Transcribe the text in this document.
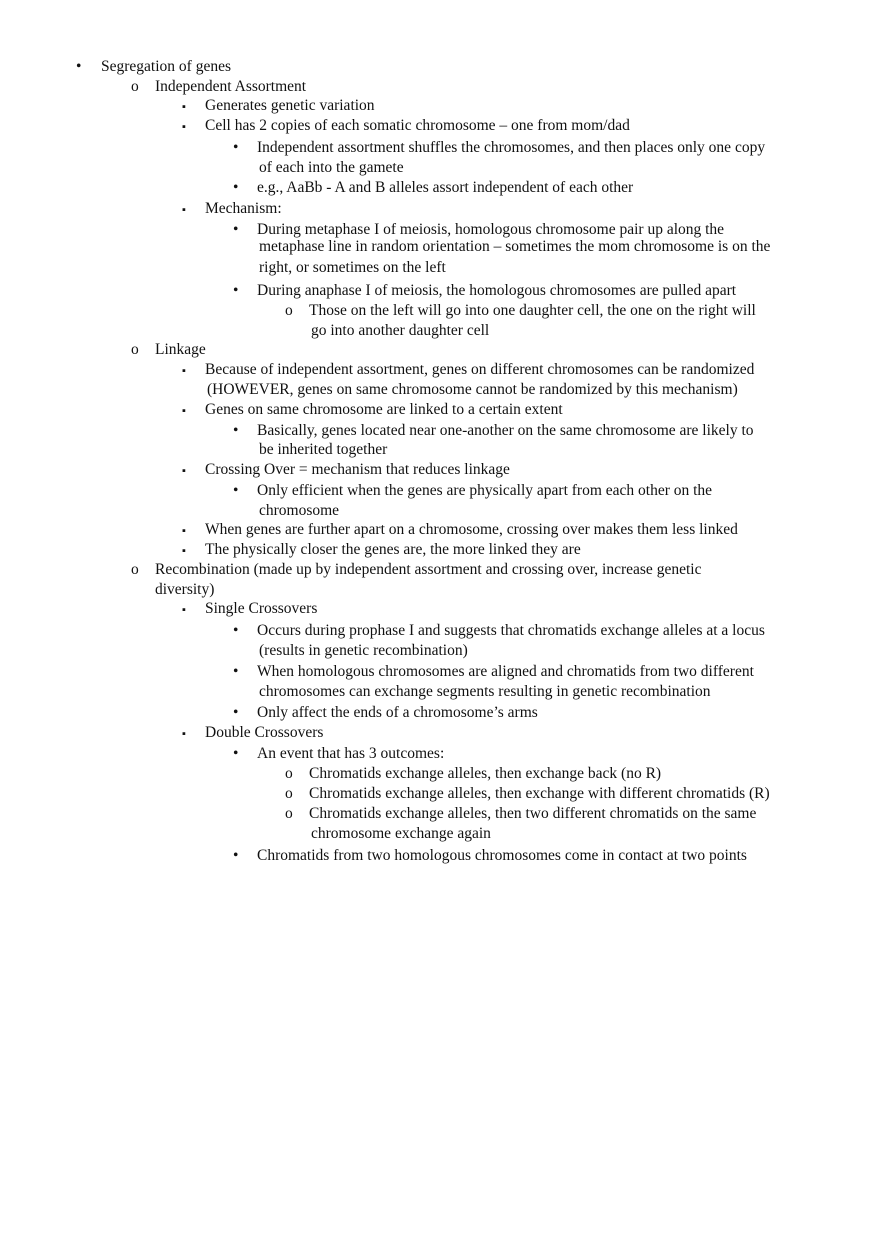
• Segregation of genes
o Independent Assortment
▪ Generates genetic variation
▪ Cell has 2 copies of each somatic chromosome – one from mom/dad
• Independent assortment shuffles the chromosomes, and then places only one copy
of each into the gamete
• e.g., AaBb - A and B alleles assort independent of each other
▪ Mechanism:
• During metaphase I of meiosis, homologous chromosome pair up along the
metaphase line in random orientation – sometimes the mom chromosome is on the
right, or sometimes on the left
• During anaphase I of meiosis, the homologous chromosomes are pulled apart
o Those on the left will go into one daughter cell, the one on the right will
go into another daughter cell
o Linkage
▪ Because of independent assortment, genes on different chromosomes can be randomized
(HOWEVER, genes on same chromosome cannot be randomized by this mechanism)
▪ Genes on same chromosome are linked to a certain extent
• Basically, genes located near one-another on the same chromosome are likely to
be inherited together
▪ Crossing Over = mechanism that reduces linkage
• Only efficient when the genes are physically apart from each other on the
chromosome
▪ When genes are further apart on a chromosome, crossing over makes them less linked
▪ The physically closer the genes are, the more linked they are
o Recombination (made up by independent assortment and crossing over, increase genetic
diversity)
▪ Single Crossovers
• Occurs during prophase I and suggests that chromatids exchange alleles at a locus
(results in genetic recombination)
• When homologous chromosomes are aligned and chromatids from two different
chromosomes can exchange segments resulting in genetic recombination
• Only affect the ends of a chromosome’s arms
▪ Double Crossovers
• An event that has 3 outcomes:
o Chromatids exchange alleles, then exchange back (no R)
o Chromatids exchange alleles, then exchange with different chromatids (R)
o Chromatids exchange alleles, then two different chromatids on the same
chromosome exchange again
• Chromatids from two homologous chromosomes come in contact at two points
